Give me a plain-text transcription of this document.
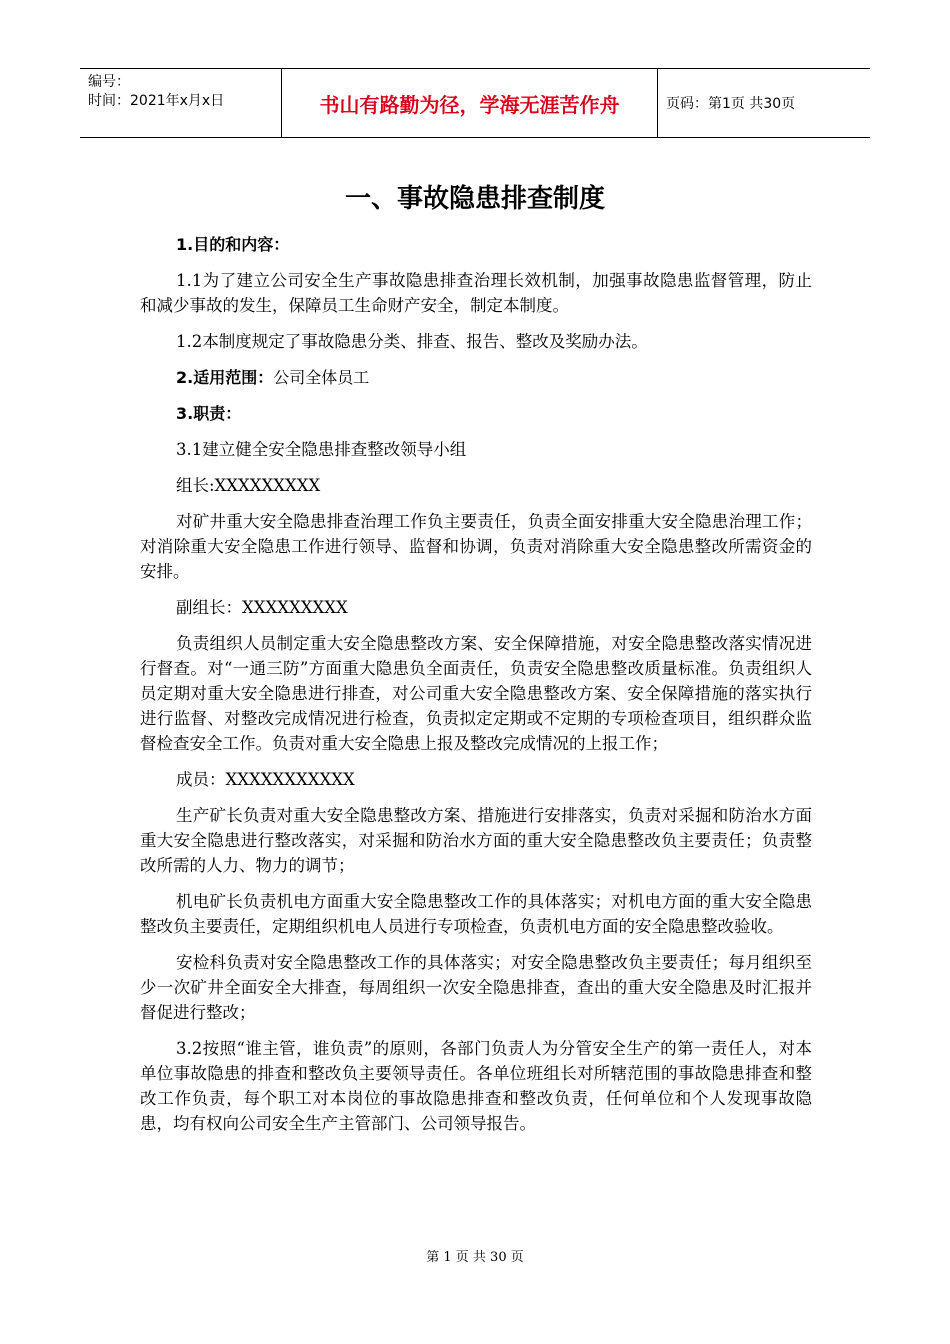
编号：
时间：2021年x月x日	书山有路勤为径，学海无涯苦作舟	页码：第1页 共30页
一、事故隐患排查制度
1.目的和内容：
1.1为了建立公司安全生产事故隐患排查治理长效机制，加强事故隐患监督管理，防止和减少事故的发生，保障员工生命财产安全，制定本制度。
1.2本制度规定了事故隐患分类、排查、报告、整改及奖励办法。
2.适用范围：公司全体员工
3.职责：
3.1建立健全安全隐患排查整改领导小组
组长:XXXXXXXXX
对矿井重大安全隐患排查治理工作负主要责任，负责全面安排重大安全隐患治理工作；对消除重大安全隐患工作进行领导、监督和协调，负责对消除重大安全隐患整改所需资金的安排。
副组长：XXXXXXXXX
负责组织人员制定重大安全隐患整改方案、安全保障措施，对安全隐患整改落实情况进行督查。对“一通三防”方面重大隐患负全面责任，负责安全隐患整改质量标准。负责组织人员定期对重大安全隐患进行排查，对公司重大安全隐患整改方案、安全保障措施的落实执行进行监督、对整改完成情况进行检查，负责拟定定期或不定期的专项检查项目，组织群众监督检查安全工作。负责对重大安全隐患上报及整改完成情况的上报工作；
成员：XXXXXXXXXXX
生产矿长负责对重大安全隐患整改方案、措施进行安排落实，负责对采掘和防治水方面重大安全隐患进行整改落实，对采掘和防治水方面的重大安全隐患整改负主要责任；负责整改所需的人力、物力的调节；
机电矿长负责机电方面重大安全隐患整改工作的具体落实；对机电方面的重大安全隐患整改负主要责任，定期组织机电人员进行专项检查，负责机电方面的安全隐患整改验收。
安检科负责对安全隐患整改工作的具体落实；对安全隐患整改负主要责任；每月组织至少一次矿井全面安全大排查，每周组织一次安全隐患排查，查出的重大安全隐患及时汇报并督促进行整改；
3.2按照“谁主管，谁负责”的原则，各部门负责人为分管安全生产的第一责任人，对本单位事故隐患的排查和整改负主要领导责任。各单位班组长对所辖范围的事故隐患排查和整改工作负责，每个职工对本岗位的事故隐患排查和整改负责，任何单位和个人发现事故隐患，均有权向公司安全生产主管部门、公司领导报告。
第 1 页 共 30 页
